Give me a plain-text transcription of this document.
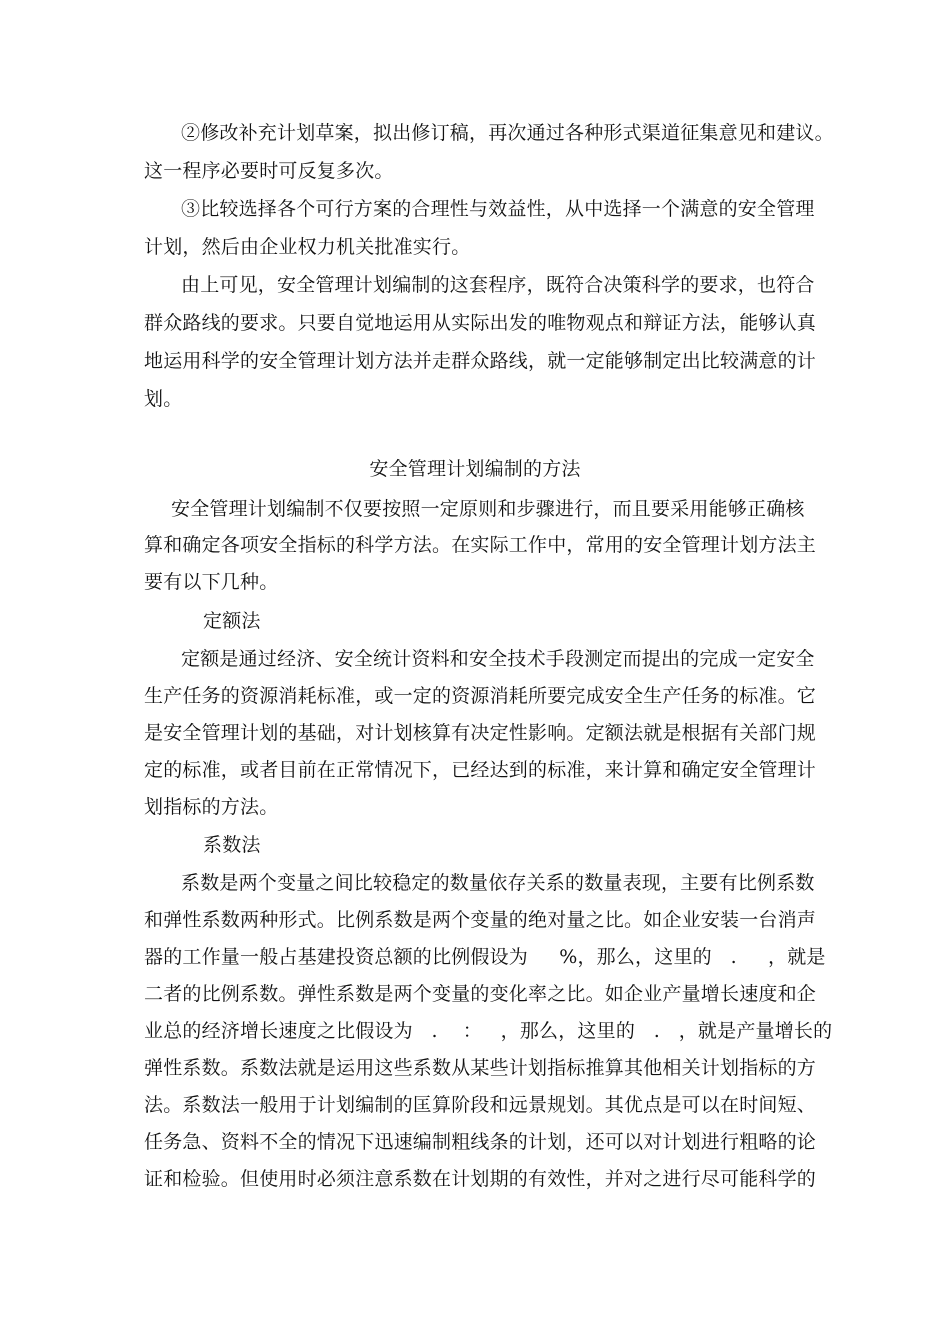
②修改补充计划草案，拟出修订稿，再次通过各种形式渠道征集意见和建议。
这一程序必要时可反复多次。
③比较选择各个可行方案的合理性与效益性，从中选择一个满意的安全管理
计划，然后由企业权力机关批准实行。
由上可见，安全管理计划编制的这套程序，既符合决策科学的要求，也符合
群众路线的要求。只要自觉地运用从实际出发的唯物观点和辩证方法，能够认真
地运用科学的安全管理计划方法并走群众路线，就一定能够制定出比较满意的计
划。
安全管理计划编制的方法
安全管理计划编制不仅要按照一定原则和步骤进行，而且要采用能够正确核
算和确定各项安全指标的科学方法。在实际工作中，常用的安全管理计划方法主
要有以下几种。
定额法
定额是通过经济、安全统计资料和安全技术手段测定而提出的完成一定安全
生产任务的资源消耗标准，或一定的资源消耗所要完成安全生产任务的标准。它
是安全管理计划的基础，对计划核算有决定性影响。定额法就是根据有关部门规
定的标准，或者目前在正常情况下，已经达到的标准，来计算和确定安全管理计
划指标的方法。
系数法
系数是两个变量之间比较稳定的数量依存关系的数量表现，主要有比例系数
和弹性系数两种形式。比例系数是两个变量的绝对量之比。如企业安装一台消声
器的工作量一般占基建投资总额的比例假设为     %，那么，这里的   .     ，就是
二者的比例系数。弹性系数是两个变量的变化率之比。如企业产量增长速度和企
业总的经济增长速度之比假设为   .    ：   ，那么，这里的   .   ，就是产量增长的
弹性系数。系数法就是运用这些系数从某些计划指标推算其他相关计划指标的方
法。系数法一般用于计划编制的匡算阶段和远景规划。其优点是可以在时间短、
任务急、资料不全的情况下迅速编制粗线条的计划，还可以对计划进行粗略的论
证和检验。但使用时必须注意系数在计划期的有效性，并对之进行尽可能科学的
